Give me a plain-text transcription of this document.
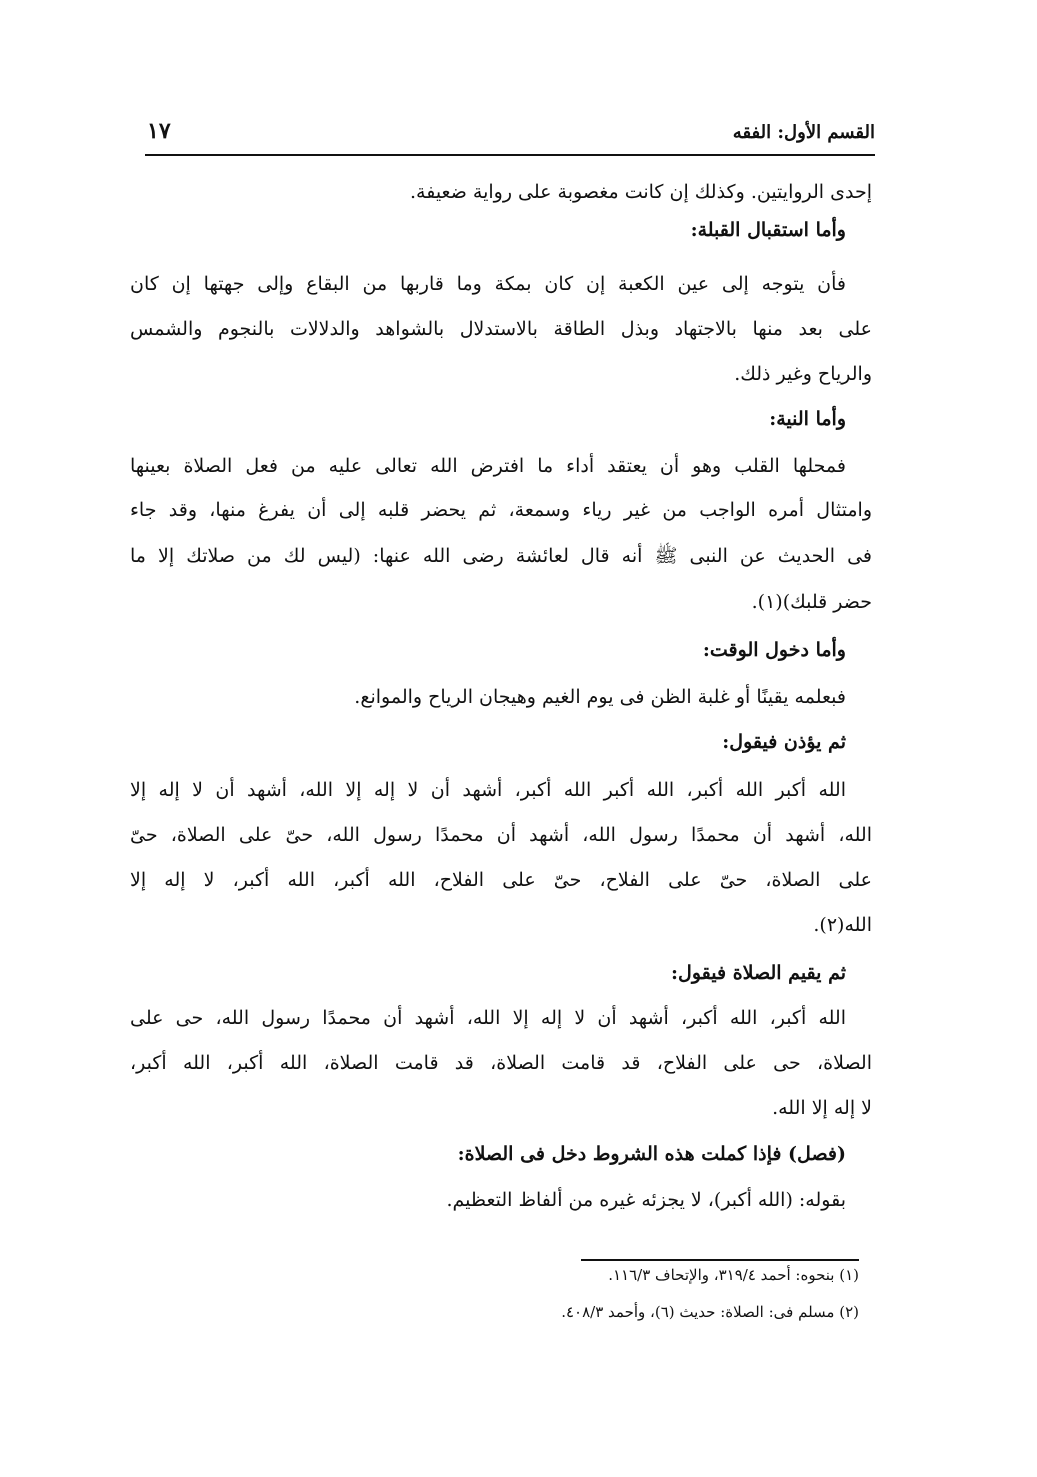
القسم الأول: الفقه
١٧
إحدى الروايتين. وكذلك إن كانت مغصوبة على رواية ضعيفة.
وأما استقبال القبلة:
فأن يتوجه إلى عين الكعبة إن كان بمكة وما قاربها من البقاع وإلى جهتها إن كان
على بعد منها بالاجتهاد وبذل الطاقة بالاستدلال بالشواهد والدلالات بالنجوم والشمس
والرياح وغير ذلك.
وأما النية:
فمحلها القلب وهو أن يعتقد أداء ما افترض الله تعالى عليه من فعل الصلاة بعينها
وامتثال أمره الواجب من غير رياء وسمعة، ثم يحضر قلبه إلى أن يفرغ منها، وقد جاء
فى الحديث عن النبى ﷺ أنه قال لعائشة رضى الله عنها: (ليس لك من صلاتك إلا ما
حضر قلبك)(١).
وأما دخول الوقت:
فبعلمه يقينًا أو غلبة الظن فى يوم الغيم وهيجان الرياح والموانع.
ثم يؤذن فيقول:
الله أكبر الله أكبر، الله أكبر الله أكبر، أشهد أن لا إله إلا الله، أشهد أن لا إله إلا
الله، أشهد أن محمدًا رسول الله، أشهد أن محمدًا رسول الله، حىّ على الصلاة، حىّ
على الصلاة، حىّ على الفلاح، حىّ على الفلاح، الله أكبر، الله أكبر، لا إله إلا
الله(٢).
ثم يقيم الصلاة فيقول:
الله أكبر، الله أكبر، أشهد أن لا إله إلا الله، أشهد أن محمدًا رسول الله، حى على
الصلاة، حى على الفلاح، قد قامت الصلاة، قد قامت الصلاة، الله أكبر، الله أكبر،
لا إله إلا الله.
(فصل) فإذا كملت هذه الشروط دخل فى الصلاة:
بقوله: (الله أكبر)، لا يجزئه غيره من ألفاظ التعظيم.
(١) بنحوه: أحمد ٣١٩/٤، والإتحاف ١١٦/٣.
(٢) مسلم فى: الصلاة: حديث (٦)، وأحمد ٤٠٨/٣.
